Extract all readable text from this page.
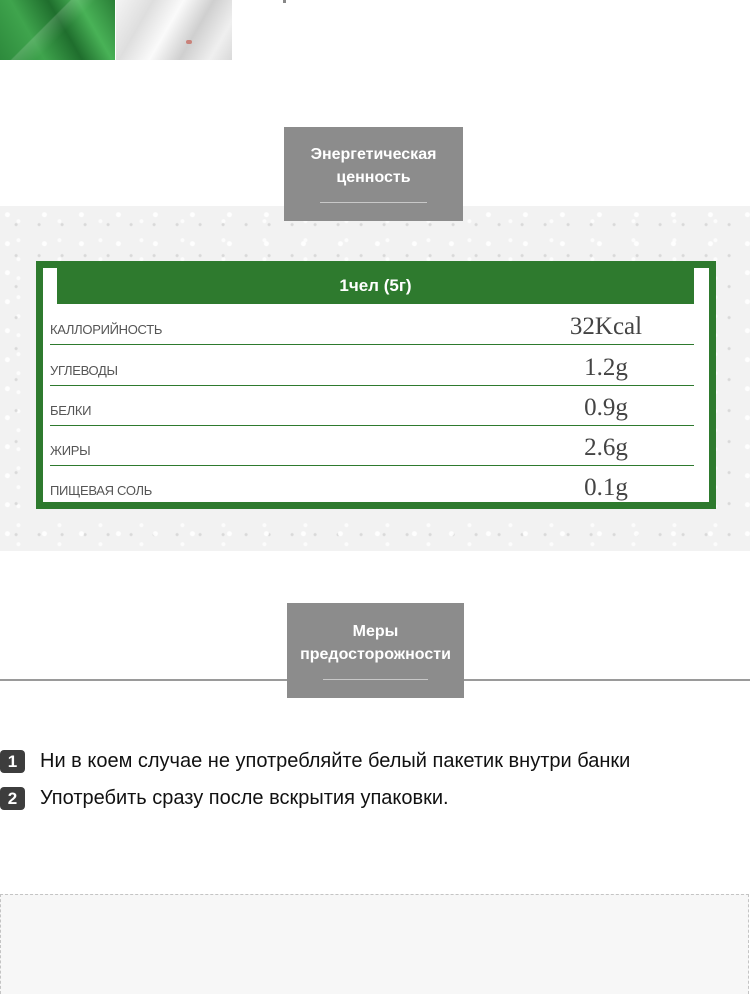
Энергетическая ценность
1чел (5г)
КАЛЛОРИЙНОСТЬ	32Kcal
УГЛЕВОДЫ	1.2g
БЕЛКИ	0.9g
ЖИРЫ	2.6g
ПИЩЕВАЯ СОЛЬ	0.1g
Меры предосторожности
1	Ни в коем случае не употребляйте белый пакетик внутри банки
2	Употребить сразу после вскрытия упаковки.
